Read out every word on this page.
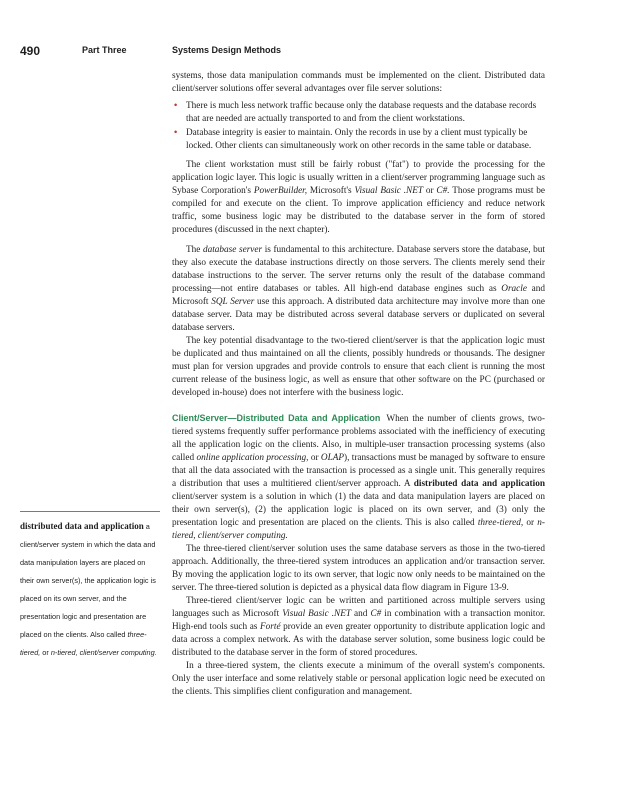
490	Part Three	Systems Design Methods

systems, those data manipulation commands must be implemented on the client. Distributed data client/server solutions offer several advantages over file server solutions:

• There is much less network traffic because only the database requests and the database records that are needed are actually transported to and from the client workstations.
• Database integrity is easier to maintain. Only the records in use by a client must typically be locked. Other clients can simultaneously work on other records in the same table or database.

The client workstation must still be fairly robust ("fat") to provide the processing for the application logic layer. This logic is usually written in a client/server programming language such as Sybase Corporation's PowerBuilder, Microsoft's Visual Basic .NET or C#. Those programs must be compiled for and execute on the client. To improve application efficiency and reduce network traffic, some business logic may be distributed to the database server in the form of stored procedures (discussed in the next chapter).

The database server is fundamental to this architecture. Database servers store the database, but they also execute the database instructions directly on those servers. The clients merely send their database instructions to the server. The server returns only the result of the database command processing—not entire databases or tables. All high-end database engines such as Oracle and Microsoft SQL Server use this approach. A distributed data architecture may involve more than one database server. Data may be distributed across several database servers or duplicated on several database servers.

The key potential disadvantage to the two-tiered client/server is that the application logic must be duplicated and thus maintained on all the clients, possibly hundreds or thousands. The designer must plan for version upgrades and provide controls to ensure that each client is running the most current release of the business logic, as well as ensure that other software on the PC (purchased or developed in-house) does not interfere with the business logic.

Client/Server—Distributed Data and Application When the number of clients grows, two-tiered systems frequently suffer performance problems associated with the inefficiency of executing all the application logic on the clients. Also, in multiple-user transaction processing systems (also called online application processing, or OLAP), transactions must be managed by software to ensure that all the data associated with the transaction is processed as a single unit. This generally requires a distribution that uses a multitiered client/server approach. A distributed data and application client/server system is a solution in which (1) the data and data manipulation layers are placed on their own server(s), (2) the application logic is placed on its own server, and (3) only the presentation logic and presentation are placed on the clients. This is also called three-tiered, or n-tiered, client/server computing.

The three-tiered client/server solution uses the same database servers as those in the two-tiered approach. Additionally, the three-tiered system introduces an application and/or transaction server. By moving the application logic to its own server, that logic now only needs to be maintained on the server. The three-tiered solution is depicted as a physical data flow diagram in Figure 13-9.

Three-tiered client/server logic can be written and partitioned across multiple servers using languages such as Microsoft Visual Basic .NET and C# in combination with a transaction monitor. High-end tools such as Forté provide an even greater opportunity to distribute application logic and data across a complex network. As with the database server solution, some business logic could be distributed to the database server in the form of stored procedures.

In a three-tiered system, the clients execute a minimum of the overall system's components. Only the user interface and some relatively stable or personal application logic need be executed on the clients. This simplifies client configuration and management.

distributed data and application a client/server system in which the data and data manipulation layers are placed on their own server(s), the application logic is placed on its own server, and the presentation logic and presentation are placed on the clients. Also called three-tiered, or n-tiered, client/server computing.
